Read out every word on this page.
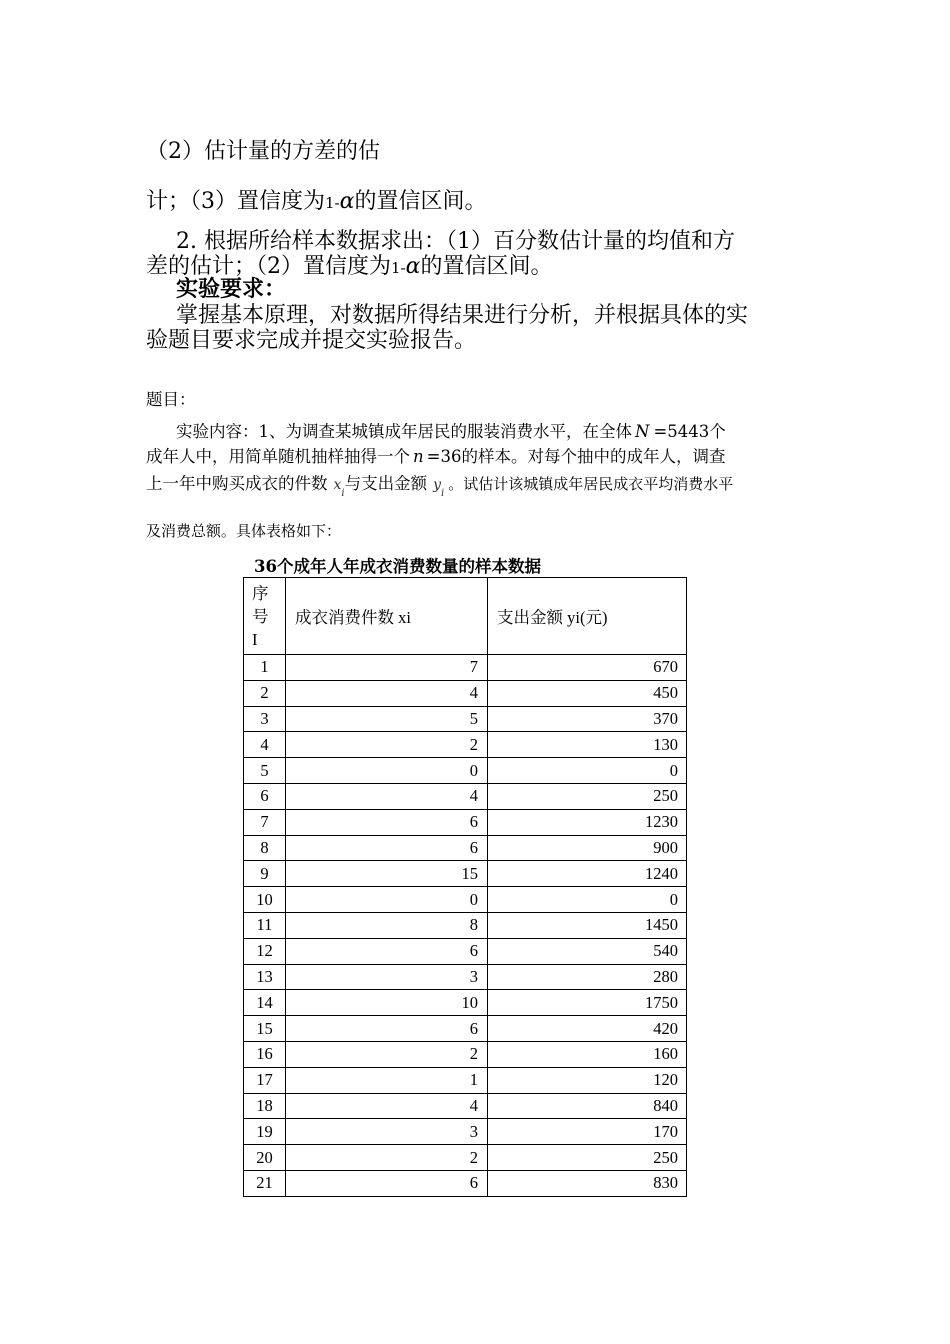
（2）估计量的方差的估
计；（3）置信度为1-α的置信区间。
2. 根据所给样本数据求出：（1）百分数估计量的均值和方
差的估计；（2）置信度为1-α的置信区间。
实验要求：
掌握基本原理，对数据所得结果进行分析，并根据具体的实
验题目要求完成并提交实验报告。
题目：
实验内容：1、为调查某城镇成年居民的服装消费水平，在全体 N =5443个
成年人中，用简单随机抽样抽得一个 n =36的样本。对每个抽中的成年人，调查
上一年中购买成衣的件数 $x_i$与支出金额 $y_i$。试估计该城镇成年居民成衣平均消费水平
及消费总额。具体表格如下：
36个成年人年成衣消费数量的样本数据
序
号
I	成衣消费件数 xi	支出金额 yi(元)
1	7	670
2	4	450
3	5	370
4	2	130
5	0	0
6	4	250
7	6	1230
8	6	900
9	15	1240
10	0	0
11	8	1450
12	6	540
13	3	280
14	10	1750
15	6	420
16	2	160
17	1	120
18	4	840
19	3	170
20	2	250
21	6	830
